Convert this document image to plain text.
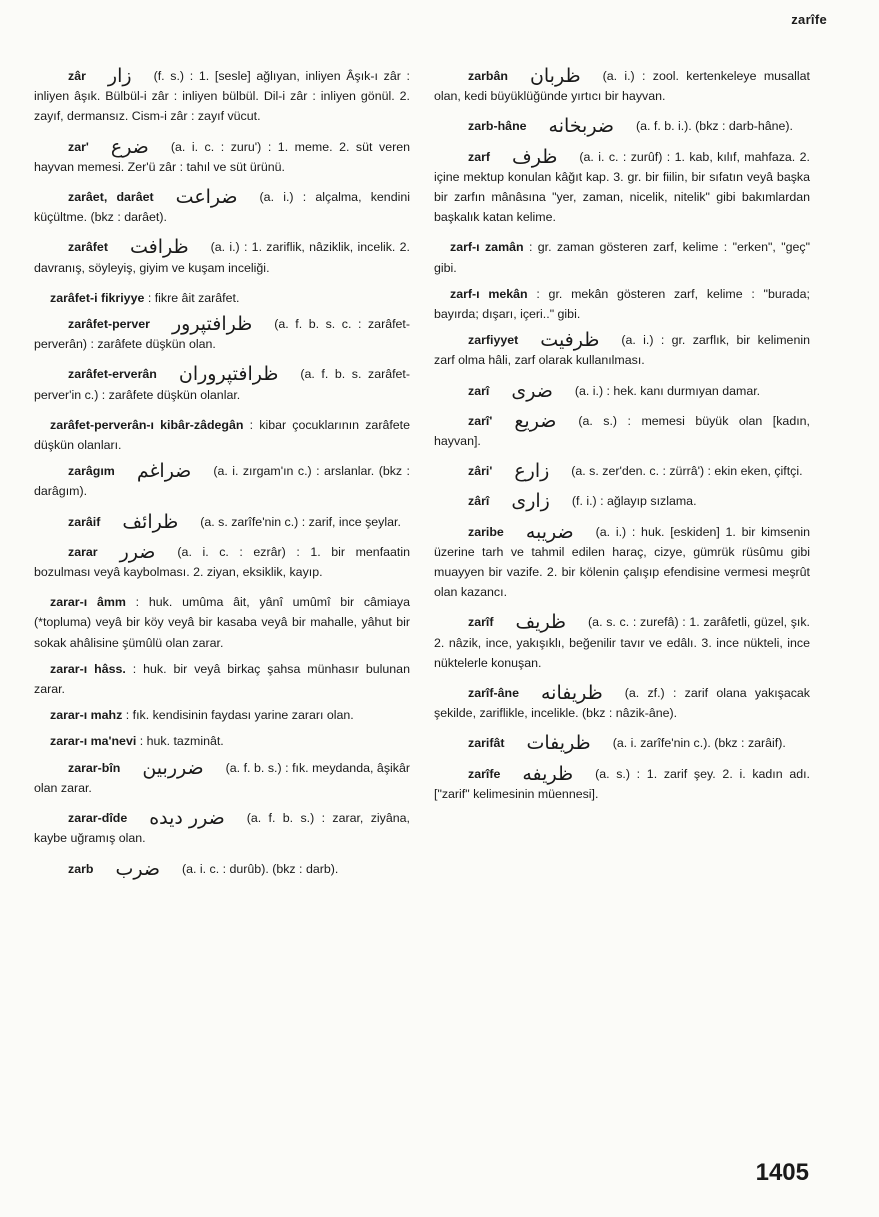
zarîfe
zâr زار (f. s.) : 1. [sesle] ağlıyan, inliyen Âşık-ı zâr : inliyen âşık. Bülbül-i zâr : inliyen bülbül. Dil-i zâr : inliyen gönül. 2. zayıf, dermansız. Cism-i zâr : zayıf vücut.
zar' ضرع (a. i. c. : zuru') : 1. meme. 2. süt veren hayvan memesi. Zer'ü zâr : tahıl ve süt ürünü.
zarâet, darâet ضراعت (a. i.) : alçalma, kendini küçültme. (bkz : darâet).
zarâfet ظرافت (a. i.) : 1. zariflik, nâziklik, incelik. 2. davranış, söyleyiş, giyim ve kuşam inceliği.
zarâfet-i fikriyye : fikre âit zarâfet.
zarâfet-perver ظرافتپرور (a. f. b. s. c. : zarâfet-perverân) : zarâfete düşkün olan.
zarâfet-erverân ظرافتپروران (a. f. b. s. zarâfet-perver'in c.) : zarâfete düşkün olanlar.
zarâfet-perverân-ı kibâr-zâdegân : kibar çocuklarının zarâfete düşkün olanları.
zarâgım ضراغم (a. i. zırgam'ın c.) : arslanlar. (bkz : darâgım).
zarâif ظرائف (a. s. zarîfe'nin c.) : zarif, ince şeylar.
zarar ضرر (a. i. c. : ezrâr) : 1. bir menfaatin bozulması veyâ kaybolması. 2. ziyan, eksiklik, kayıp.
zarar-ı âmm : huk. umûma âit, yânî umûmî bir câmiaya (*topluma) veyâ bir köy veyâ bir kasaba veyâ bir mahalle, yâhut bir sokak ahâlisine şümûlü olan zarar.
zarar-ı hâss. : huk. bir veyâ birkaç şahsa münhasır bulunan zarar.
zarar-ı mahz : fık. kendisinin faydası yarine zararı olan.
zarar-ı ma'nevi : huk. tazminât.
zarar-bîn ضرربين (a. f. b. s.) : fık. meydanda, âşikâr olan zarar.
zarar-dîde ضرر دیده (a. f. b. s.) : zarar, ziyâna, kaybe uğramış olan.
zarb ضرب (a. i. c. : durûb). (bkz : darb).
zarbân ظربان (a. i.) : zool. kertenkeleye musallat olan, kedi büyüklüğünde yırtıcı bir hayvan.
zarb-hâne ضربخانه (a. f. b. i.). (bkz : darb-hâne).
zarf ظرف (a. i. c. : zurûf) : 1. kab, kılıf, mahfaza. 2. içine mektup konulan kâğıt kap. 3. gr. bir fiilin, bir sıfatın veyâ başka bir zarfın mânâsına "yer, zaman, nicelik, nitelik" gibi bakımlardan başkalık katan kelime.
zarf-ı zamân : gr. zaman gösteren zarf, kelime : "erken", "geç" gibi.
zarf-ı mekân : gr. mekân gösteren zarf, kelime : "burada; bayırda; dışarı, içeri.." gibi.
zarfiyyet ظرفيت (a. i.) : gr. zarflık, bir kelimenin zarf olma hâli, zarf olarak kullanılması.
zarî ضرى (a. i.) : hek. kanı durmıyan damar.
zarî' ضريع (a. s.) : memesi büyük olan [kadın, hayvan].
zâri' زارع (a. s. zer'den. c. : zürrâ') : ekin eken, çiftçi.
zârî زارى (f. i.) : ağlayıp sızlama.
zaribe ضريبه (a. i.) : huk. [eskiden] 1. bir kimsenin üzerine tarh ve tahmil edilen haraç, cizye, gümrük rüsûmu gibi muayyen bir vazife. 2. bir kölenin çalışıp efendisine vermesi meşrût olan kazancı.
zarîf ظريف (a. s. c. : zurefâ) : 1. zarâfetli, güzel, şık. 2. nâzik, ince, yakışıklı, beğenilir tavır ve edâlı. 3. ince nükteli, ince nüktelerle konuşan.
zarîf-âne ظريفانه (a. zf.) : zarif olana yakışacak şekilde, zariflikle, incelikle. (bkz : nâzik-âne).
zarifât ظريفات (a. i. zarîfe'nin c.). (bkz : zarâif).
zarîfe ظريفه (a. s.) : 1. zarif şey. 2. i. kadın adı. ["zarif" kelimesinin müennesi].
1405
